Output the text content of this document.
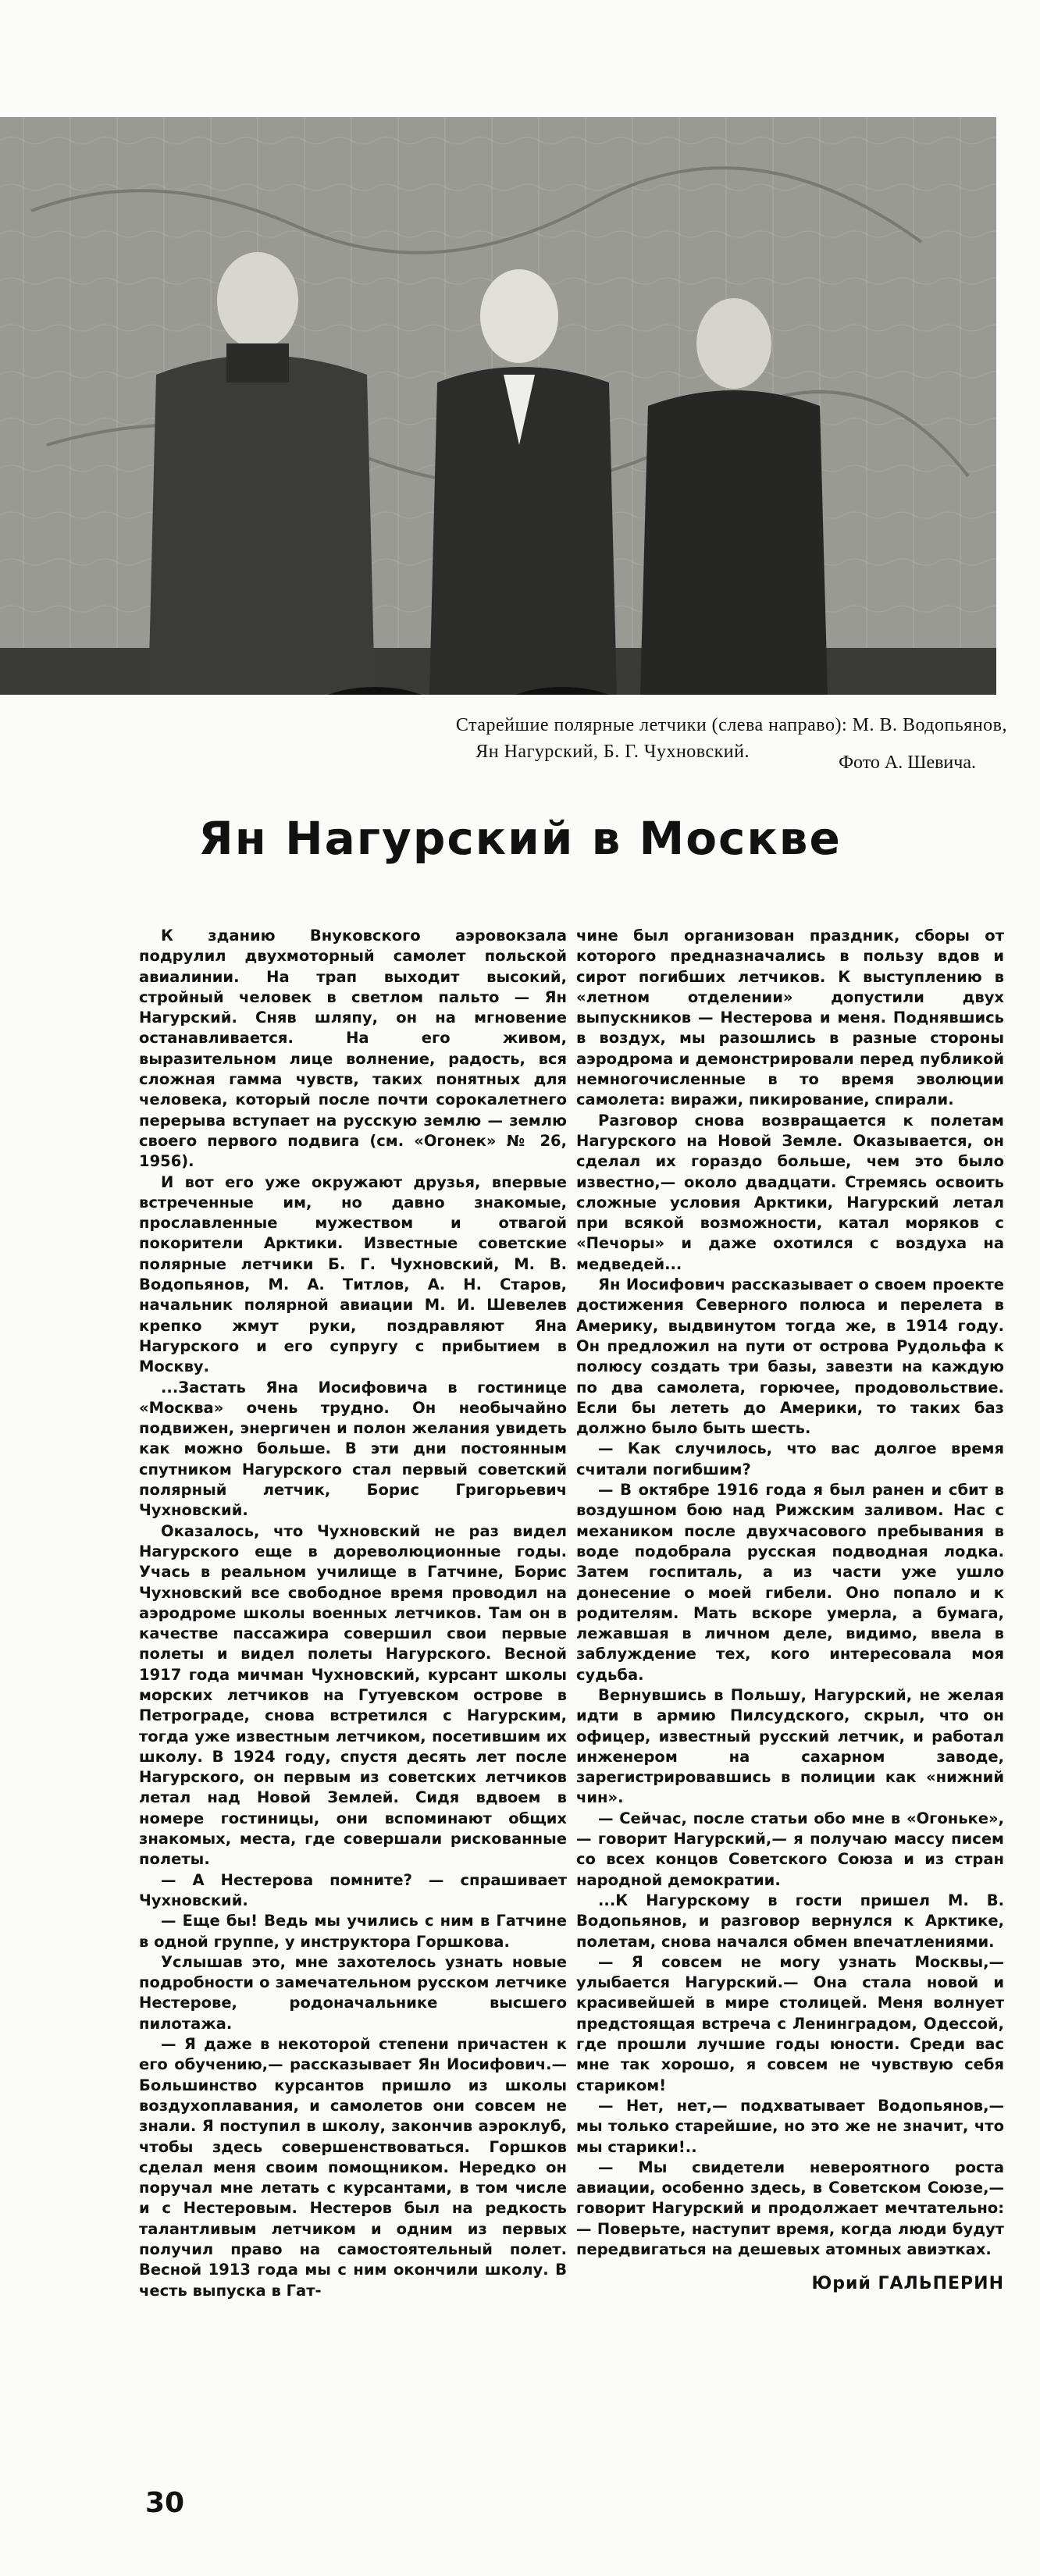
Старейшие полярные летчики (слева направо): М. В. Водопьянов,
Ян Нагурский, Б. Г. Чухновский.
Фото А. Шевича.
Ян Нагурский в Москве

К зданию Внуковского аэровокзала подрулил двухмоторный самолет польской авиалинии. На трап выходит высокий, стройный человек в светлом пальто — Ян Нагурский. Сняв шляпу, он на мгновение останавливается. На его живом, выразительном лице волнение, радость, вся сложная гамма чувств, таких понятных для человека, который после почти сорокалетнего перерыва вступает на русскую землю — землю своего первого подвига (см. «Огонек» № 26, 1956).

И вот его уже окружают друзья, впервые встреченные им, но давно знакомые, прославленные мужеством и отвагой покорители Арктики. Известные советские полярные летчики Б. Г. Чухновский, М. В. Водопьянов, М. А. Титлов, А. Н. Старов, начальник полярной авиации М. И. Шевелев крепко жмут руки, поздравляют Яна Нагурского и его супругу с прибытием в Москву.

...Застать Яна Иосифовича в гостинице «Москва» очень трудно. Он необычайно подвижен, энергичен и полон желания увидеть как можно больше. В эти дни постоянным спутником Нагурского стал первый советский полярный летчик, Борис Григорьевич Чухновский.

Оказалось, что Чухновский не раз видел Нагурского еще в дореволюционные годы. Учась в реальном училище в Гатчине, Борис Чухновский все свободное время проводил на аэродроме школы военных летчиков. Там он в качестве пассажира совершил свои первые полеты и видел полеты Нагурского. Весной 1917 года мичман Чухновский, курсант школы морских летчиков на Гутуевском острове в Петрограде, снова встретился с Нагурским, тогда уже известным летчиком, посетившим их школу. В 1924 году, спустя десять лет после Нагурского, он первым из советских летчиков летал над Новой Землей. Сидя вдвоем в номере гостиницы, они вспоминают общих знакомых, места, где совершали рискованные полеты.

— А Нестерова помните? — спрашивает Чухновский.

— Еще бы! Ведь мы учились с ним в Гатчине в одной группе, у инструктора Горшкова.

Услышав это, мне захотелось узнать новые подробности о замечательном русском летчике Нестерове, родоначальнике высшего пилотажа.

— Я даже в некоторой степени причастен к его обучению,— рассказывает Ян Иосифович.— Большинство курсантов пришло из школы воздухоплавания, и самолетов они совсем не знали. Я поступил в школу, закончив аэроклуб, чтобы здесь совершенствоваться. Горшков сделал меня своим помощником. Нередко он поручал мне летать с курсантами, в том числе и с Нестеровым. Нестеров был на редкость талантливым летчиком и одним из первых получил право на самостоятельный полет. Весной 1913 года мы с ним окончили школу. В честь выпуска в Гат-

чине был организован праздник, сборы от которого предназначались в пользу вдов и сирот погибших летчиков. К выступлению в «летном отделении» допустили двух выпускников — Нестерова и меня. Поднявшись в воздух, мы разошлись в разные стороны аэродрома и демонстрировали перед публикой немногочисленные в то время эволюции самолета: виражи, пикирование, спирали.

Разговор снова возвращается к полетам Нагурского на Новой Земле. Оказывается, он сделал их гораздо больше, чем это было известно,— около двадцати. Стремясь освоить сложные условия Арктики, Нагурский летал при всякой возможности, катал моряков с «Печоры» и даже охотился с воздуха на медведей...

Ян Иосифович рассказывает о своем проекте достижения Северного полюса и перелета в Америку, выдвинутом тогда же, в 1914 году. Он предложил на пути от острова Рудольфа к полюсу создать три базы, завезти на каждую по два самолета, горючее, продовольствие. Если бы лететь до Америки, то таких баз должно было быть шесть.

— Как случилось, что вас долгое время считали погибшим?

— В октябре 1916 года я был ранен и сбит в воздушном бою над Рижским заливом. Нас с механиком после двухчасового пребывания в воде подобрала русская подводная лодка. Затем госпиталь, а из части уже ушло донесение о моей гибели. Оно попало и к родителям. Мать вскоре умерла, а бумага, лежавшая в личном деле, видимо, ввела в заблуждение тех, кого интересовала моя судьба.

Вернувшись в Польшу, Нагурский, не желая идти в армию Пилсудского, скрыл, что он офицер, известный русский летчик, и работал инженером на сахарном заводе, зарегистрировавшись в полиции как «нижний чин».

— Сейчас, после статьи обо мне в «Огоньке»,— говорит Нагурский,— я получаю массу писем со всех концов Советского Союза и из стран народной демократии.

...К Нагурскому в гости пришел М. В. Водопьянов, и разговор вернулся к Арктике, полетам, снова начался обмен впечатлениями.

— Я совсем не могу узнать Москвы,— улыбается Нагурский.— Она стала новой и красивейшей в мире столицей. Меня волнует предстоящая встреча с Ленинградом, Одессой, где прошли лучшие годы юности. Среди вас мне так хорошо, я совсем не чувствую себя стариком!

— Нет, нет,— подхватывает Водопьянов,— мы только старейшие, но это же не значит, что мы старики!..

— Мы свидетели невероятного роста авиации, особенно здесь, в Советском Союзе,— говорит Нагурский и продолжает мечтательно: — Поверьте, наступит время, когда люди будут передвигаться на дешевых атомных авиэтках.

Юрий ГАЛЬПЕРИН

30
